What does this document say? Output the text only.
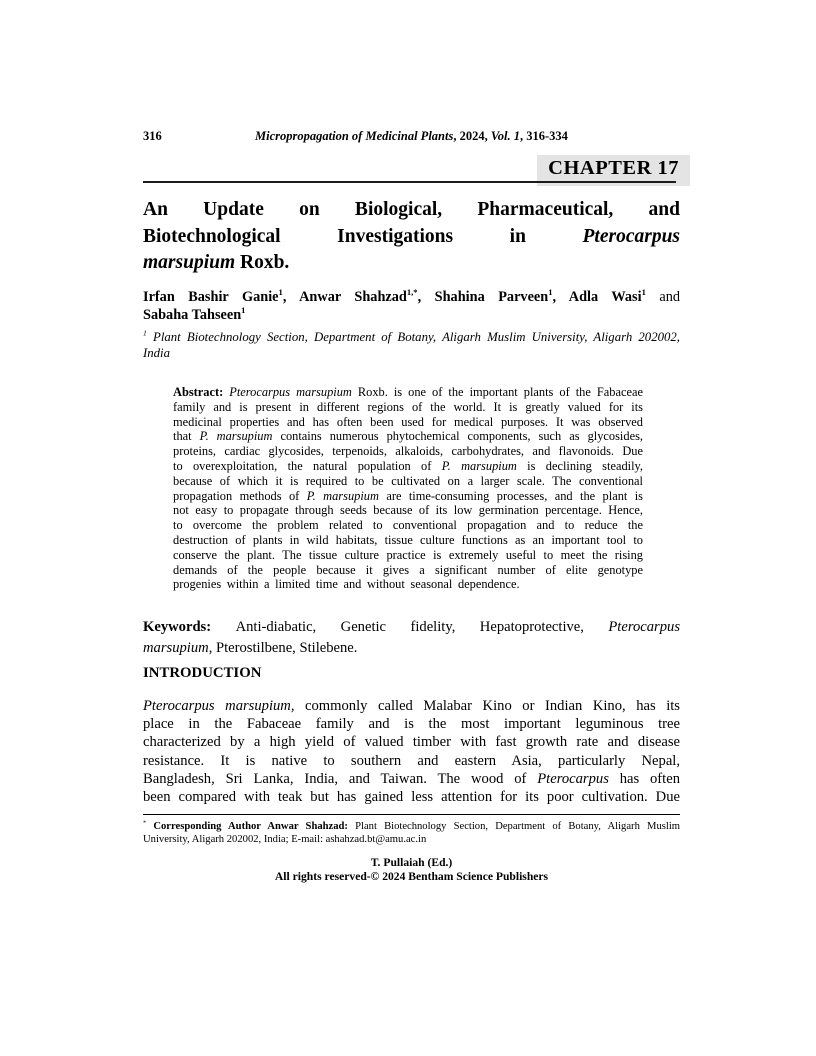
316	Micropropagation of Medicinal Plants, 2024, Vol. 1, 316-334
CHAPTER 17
An Update on Biological, Pharmaceutical, and
Biotechnological Investigations in Pterocarpus
marsupium Roxb.
Irfan Bashir Ganie$^1$, Anwar Shahzad$^{1,*}$, Shahina Parveen$^1$, Adla Wasi$^1$ and
Sabaha Tahseen$^1$
$^1$ Plant Biotechnology Section, Department of Botany, Aligarh Muslim University, Aligarh 202002,
India
Abstract: Pterocarpus marsupium Roxb. is one of the important plants of the Fabaceae
family and is present in different regions of the world. It is greatly valued for its
medicinal properties and has often been used for medical purposes. It was observed
that P. marsupium contains numerous phytochemical components, such as glycosides,
proteins, cardiac glycosides, terpenoids, alkaloids, carbohydrates, and flavonoids. Due
to overexploitation, the natural population of P. marsupium is declining steadily,
because of which it is required to be cultivated on a larger scale. The conventional
propagation methods of P. marsupium are time-consuming processes, and the plant is
not easy to propagate through seeds because of its low germination percentage. Hence,
to overcome the problem related to conventional propagation and to reduce the
destruction of plants in wild habitats, tissue culture functions as an important tool to
conserve the plant. The tissue culture practice is extremely useful to meet the rising
demands of the people because it gives a significant number of elite genotype
progenies within a limited time and without seasonal dependence.
Keywords: Anti-diabatic, Genetic fidelity, Hepatoprotective, Pterocarpus
marsupium, Pterostilbene, Stilebene.
INTRODUCTION
Pterocarpus marsupium, commonly called Malabar Kino or Indian Kino, has its
place in the Fabaceae family and is the most important leguminous tree
characterized by a high yield of valued timber with fast growth rate and disease
resistance. It is native to southern and eastern Asia, particularly Nepal,
Bangladesh, Sri Lanka, India, and Taiwan. The wood of Pterocarpus has often
been compared with teak but has gained less attention for its poor cultivation. Due
* Corresponding Author Anwar Shahzad: Plant Biotechnology Section, Department of Botany, Aligarh Muslim
University, Aligarh 202002, India; E-mail: ashahzad.bt@amu.ac.in
T. Pullaiah (Ed.)
All rights reserved-© 2024 Bentham Science Publishers
